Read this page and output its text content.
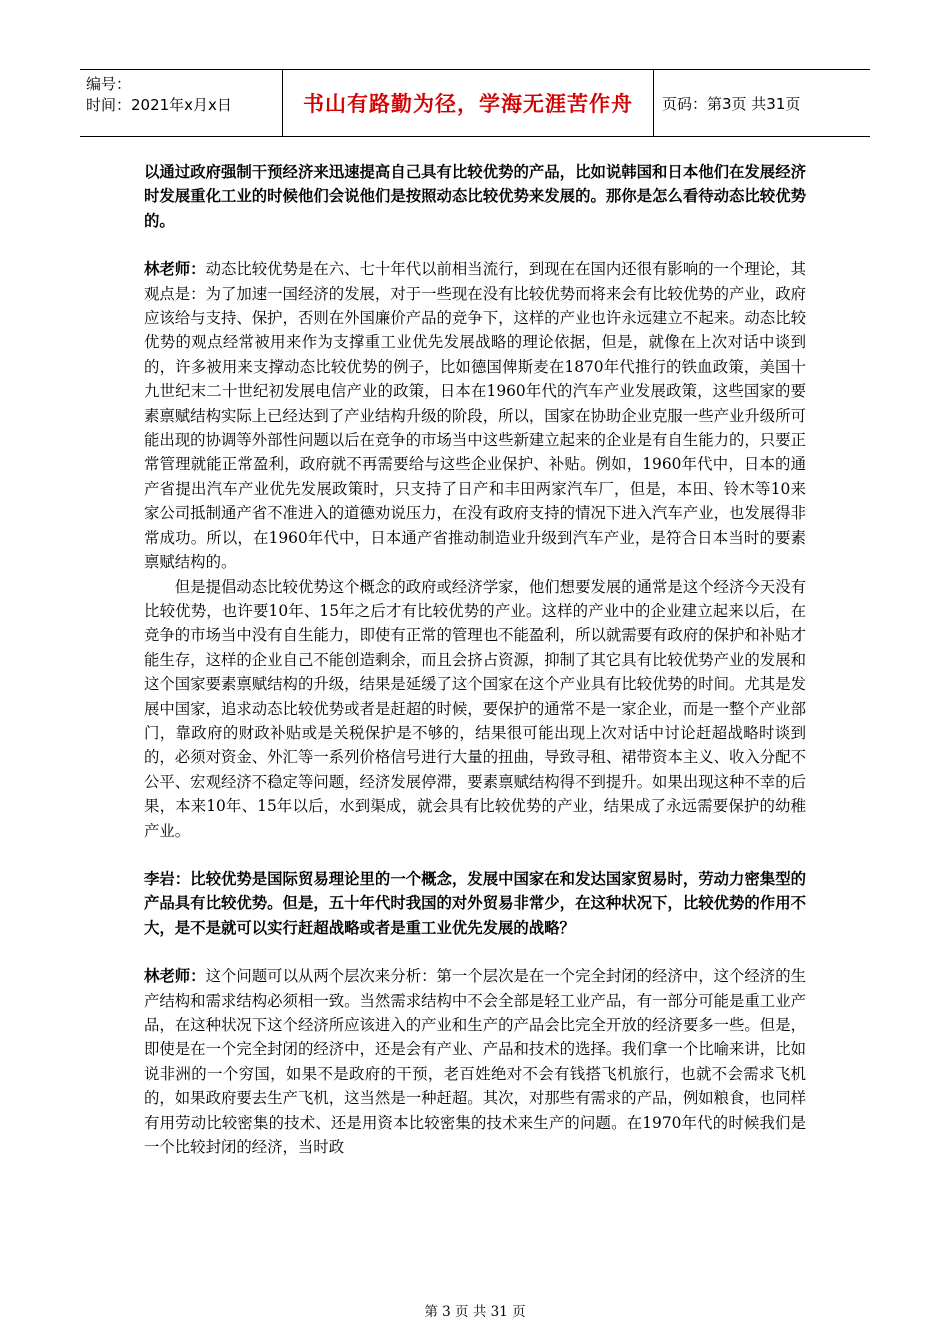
编号：
时间：2021年x月x日	书山有路勤为径，学海无涯苦作舟	页码：第3页 共31页

以通过政府强制干预经济来迅速提高自己具有比较优势的产品，比如说韩国和日本他们在发展经济时发展重化工业的时候他们会说他们是按照动态比较优势来发展的。那你是怎么看待动态比较优势的。

林老师：动态比较优势是在六、七十年代以前相当流行，到现在在国内还很有影响的一个理论，其观点是：为了加速一国经济的发展，对于一些现在没有比较优势而将来会有比较优势的产业，政府应该给与支持、保护，否则在外国廉价产品的竞争下，这样的产业也许永远建立不起来。动态比较优势的观点经常被用来作为支撑重工业优先发展战略的理论依据，但是，就像在上次对话中谈到的，许多被用来支撑动态比较优势的例子，比如德国俾斯麦在1870年代推行的铁血政策，美国十九世纪末二十世纪初发展电信产业的政策，日本在1960年代的汽车产业发展政策，这些国家的要素禀赋结构实际上已经达到了产业结构升级的阶段，所以，国家在协助企业克服一些产业升级所可能出现的协调等外部性问题以后在竞争的市场当中这些新建立起来的企业是有自生能力的，只要正常管理就能正常盈利，政府就不再需要给与这些企业保护、补贴。例如，1960年代中，日本的通产省提出汽车产业优先发展政策时，只支持了日产和丰田两家汽车厂，但是，本田、铃木等10来家公司抵制通产省不准进入的道德劝说压力，在没有政府支持的情况下进入汽车产业，也发展得非常成功。所以，在1960年代中，日本通产省推动制造业升级到汽车产业，是符合日本当时的要素禀赋结构的。

但是提倡动态比较优势这个概念的政府或经济学家，他们想要发展的通常是这个经济今天没有比较优势，也许要10年、15年之后才有比较优势的产业。这样的产业中的企业建立起来以后，在竞争的市场当中没有自生能力，即使有正常的管理也不能盈利，所以就需要有政府的保护和补贴才能生存，这样的企业自己不能创造剩余，而且会挤占资源，抑制了其它具有比较优势产业的发展和这个国家要素禀赋结构的升级，结果是延缓了这个国家在这个产业具有比较优势的时间。尤其是发展中国家，追求动态比较优势或者是赶超的时候，要保护的通常不是一家企业，而是一整个产业部门，靠政府的财政补贴或是关税保护是不够的，结果很可能出现上次对话中讨论赶超战略时谈到的，必须对资金、外汇等一系列价格信号进行大量的扭曲，导致寻租、裙带资本主义、收入分配不公平、宏观经济不稳定等问题，经济发展停滞，要素禀赋结构得不到提升。如果出现这种不幸的后果，本来10年、15年以后，水到渠成，就会具有比较优势的产业，结果成了永远需要保护的幼稚产业。

李岩：比较优势是国际贸易理论里的一个概念，发展中国家在和发达国家贸易时，劳动力密集型的产品具有比较优势。但是，五十年代时我国的对外贸易非常少，在这种状况下，比较优势的作用不大，是不是就可以实行赶超战略或者是重工业优先发展的战略？

林老师：这个问题可以从两个层次来分析：第一个层次是在一个完全封闭的经济中，这个经济的生产结构和需求结构必须相一致。当然需求结构中不会全部是轻工业产品，有一部分可能是重工业产品，在这种状况下这个经济所应该进入的产业和生产的产品会比完全开放的经济要多一些。但是，即使是在一个完全封闭的经济中，还是会有产业、产品和技术的选择。我们拿一个比喻来讲，比如说非洲的一个穷国，如果不是政府的干预，老百姓绝对不会有钱搭飞机旅行，也就不会需求飞机的，如果政府要去生产飞机，这当然是一种赶超。其次，对那些有需求的产品，例如粮食，也同样有用劳动比较密集的技术、还是用资本比较密集的技术来生产的问题。在1970年代的时候我们是一个比较封闭的经济，当时政

第 3 页 共 31 页
